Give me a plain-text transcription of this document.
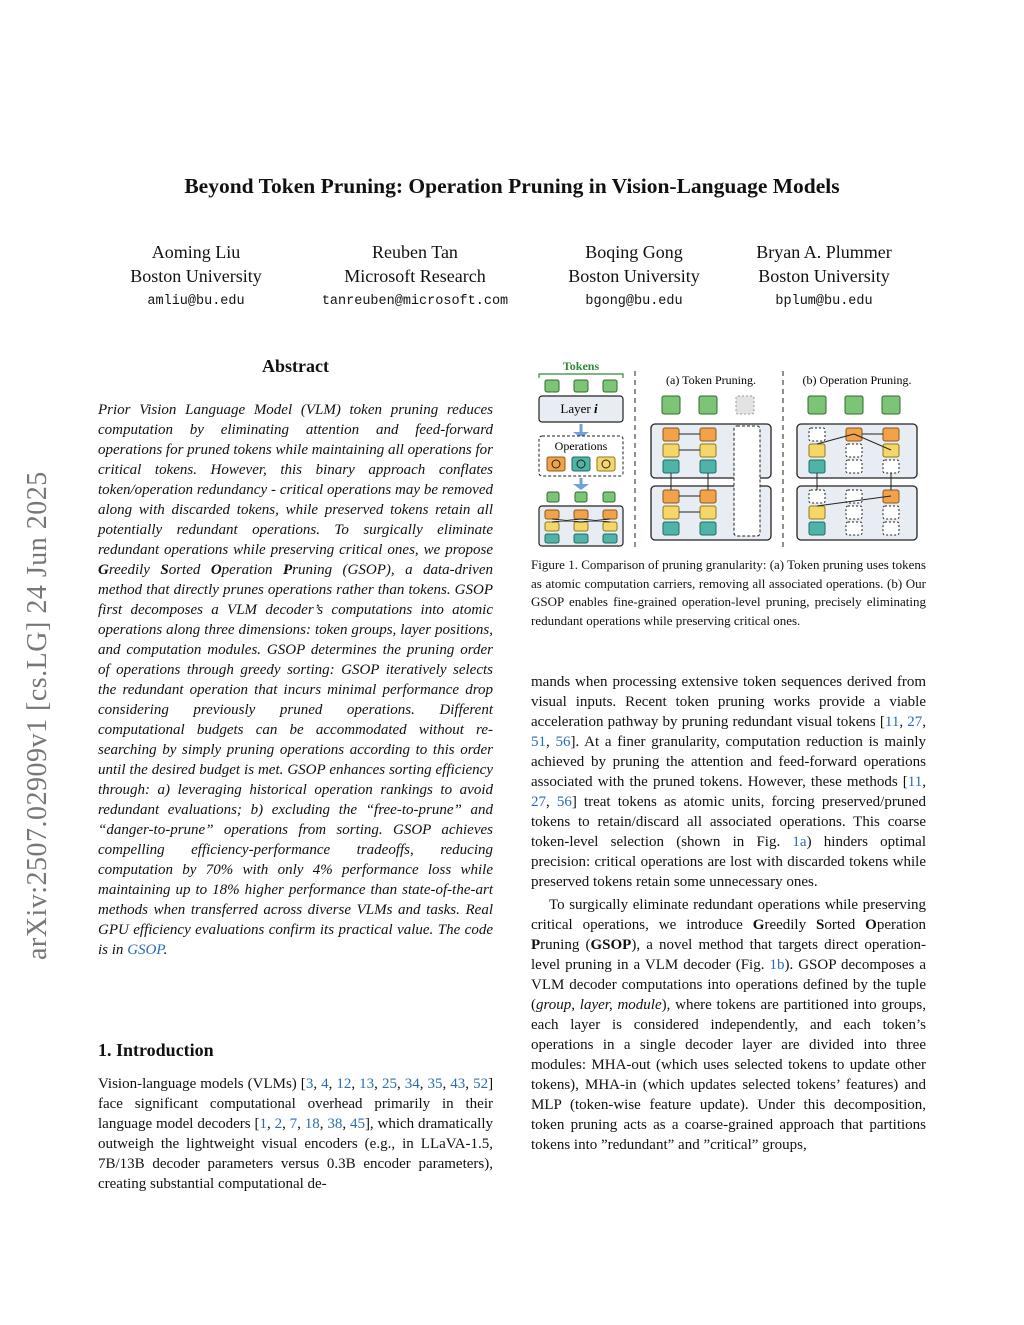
arXiv:2507.02909v1 [cs.LG] 24 Jun 2025
Beyond Token Pruning: Operation Pruning in Vision-Language Models
Aoming Liu
Boston University
amliu@bu.edu
Reuben Tan
Microsoft Research
tanreuben@microsoft.com
Boqing Gong
Boston University
bgong@bu.edu
Bryan A. Plummer
Boston University
bplum@bu.edu
Abstract
Prior Vision Language Model (VLM) token pruning reduces computation by eliminating attention and feed-forward operations for pruned tokens while maintaining all operations for critical tokens. However, this binary approach conflates token/operation redundancy - critical operations may be removed along with discarded tokens, while preserved tokens retain all potentially redundant operations. To surgically eliminate redundant operations while preserving critical ones, we propose Greedily Sorted Operation Pruning (GSOP), a data-driven method that directly prunes operations rather than tokens. GSOP first decomposes a VLM decoder’s computations into atomic operations along three dimensions: token groups, layer positions, and computation modules. GSOP determines the pruning order of operations through greedy sorting: GSOP iteratively selects the redundant operation that incurs minimal performance drop considering previously pruned operations. Different computational budgets can be accommodated without re-searching by simply pruning operations according to this order until the desired budget is met. GSOP enhances sorting efficiency through: a) leveraging historical operation rankings to avoid redundant evaluations; b) excluding the “free-to-prune” and “danger-to-prune” operations from sorting. GSOP achieves compelling efficiency-performance tradeoffs, reducing computation by 70% with only 4% performance loss while maintaining up to 18% higher performance than state-of-the-art methods when transferred across diverse VLMs and tasks. Real GPU efficiency evaluations confirm its practical value. The code is in GSOP.
1. Introduction
Vision-language models (VLMs) [3, 4, 12, 13, 25, 34, 35, 43, 52] face significant computational overhead primarily in their language model decoders [1, 2, 7, 18, 38, 45], which dramatically outweigh the lightweight visual encoders (e.g., in LLaVA-1.5, 7B/13B decoder parameters versus 0.3B encoder parameters), creating substantial computational de-
Tokens
Layer i
Operations
(a) Token Pruning.	(b) Operation Pruning.
Figure 1. Comparison of pruning granularity: (a) Token pruning uses tokens as atomic computation carriers, removing all associated operations. (b) Our GSOP enables fine-grained operation-level pruning, precisely eliminating redundant operations while preserving critical ones.

mands when processing extensive token sequences derived from visual inputs. Recent token pruning works provide a viable acceleration pathway by pruning redundant visual tokens [11, 27, 51, 56]. At a finer granularity, computation reduction is mainly achieved by pruning the attention and feed-forward operations associated with the pruned tokens. However, these methods [11, 27, 56] treat tokens as atomic units, forcing preserved/pruned tokens to retain/discard all associated operations. This coarse token-level selection (shown in Fig. 1a) hinders optimal precision: critical operations are lost with discarded tokens while preserved tokens retain some unnecessary ones.

To surgically eliminate redundant operations while preserving critical operations, we introduce Greedily Sorted Operation Pruning (GSOP), a novel method that targets direct operation-level pruning in a VLM decoder (Fig. 1b). GSOP decomposes a VLM decoder computations into operations defined by the tuple (group, layer, module), where tokens are partitioned into groups, each layer is considered independently, and each token’s operations in a single decoder layer are divided into three modules: MHA-out (which uses selected tokens to update other tokens), MHA-in (which updates selected tokens’ features) and MLP (token-wise feature update). Under this decomposition, token pruning acts as a coarse-grained approach that partitions tokens into ”redundant” and ”critical” groups,
